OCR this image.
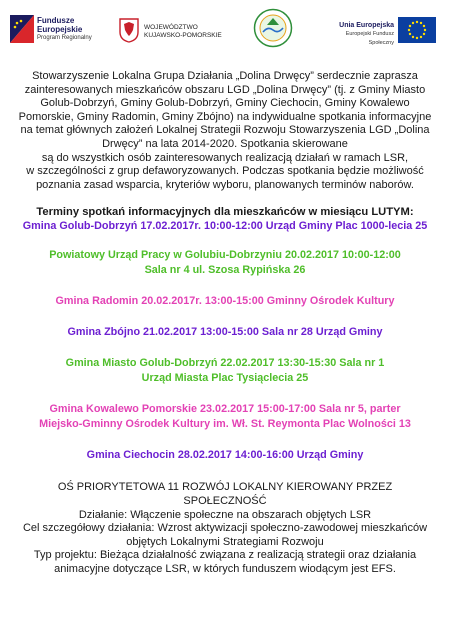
Fundusze
Europejskie
Program Regionalny
WOJEWÓDZTWO
KUJAWSKO-POMORSKIE
Unia Europejska
Europejski Fundusz Społeczny

Stowarzyszenie Lokalna Grupa Działania „Dolina Drwęcy” serdecznie zaprasza

zainteresowanych mieszkańców obszaru LGD „Dolina Drwęcy” (tj. z Gminy Miasto

Golub-Dobrzyń, Gminy Golub-Dobrzyń, Gminy Ciechocin, Gminy Kowalewo

Pomorskie, Gminy Radomin, Gminy Zbójno) na indywidualne spotkania informacyjne

na temat głównych założeń Lokalnej Strategii Rozwoju Stowarzyszenia LGD „Dolina

Drwęcy” na lata 2014-2020. Spotkania skierowane

są do wszystkich osób zainteresowanych realizacją działań w ramach LSR,

w szczególności z grup defaworyzowanych. Podczas spotkania będzie możliwość

poznania zasad wsparcia, kryteriów wyboru, planowanych terminów naborów.

Terminy spotkań informacyjnych dla mieszkańców w miesiącu LUTYM:

Gmina Golub-Dobrzyń 17.02.2017r. 10:00-12:00 Urząd Gminy Plac 1000-lecia 25

Powiatowy Urząd Pracy w Golubiu-Dobrzyniu 20.02.2017 10:00-12:00

Sala nr 4 ul. Szosa Rypińska 26

Gmina Radomin 20.02.2017r. 13:00-15:00 Gminny Ośrodek Kultury

Gmina Zbójno 21.02.2017 13:00-15:00 Sala nr 28 Urząd Gminy

Gmina Miasto Golub-Dobrzyń 22.02.2017 13:30-15:30 Sala nr 1

Urząd Miasta Plac Tysiąclecia 25

Gmina Kowalewo Pomorskie 23.02.2017 15:00-17:00 Sala nr 5, parter

Miejsko-Gminny Ośrodek Kultury im. Wł. St. Reymonta Plac Wolności 13

Gmina Ciechocin 28.02.2017 14:00-16:00 Urząd Gminy

OŚ PRIORYTETOWA 11 ROZWÓJ LOKALNY KIEROWANY PRZEZ

SPOŁECZNOŚĆ

Działanie: Włączenie społeczne na obszarach objętych LSR

Cel szczegółowy działania: Wzrost aktywizacji społeczno-zawodowej mieszkańców

objętych Lokalnymi Strategiami Rozwoju

Typ projektu: Bieżąca działalność związana z realizacją strategii oraz działania

animacyjne dotyczące LSR, w których funduszem wiodącym jest EFS.
